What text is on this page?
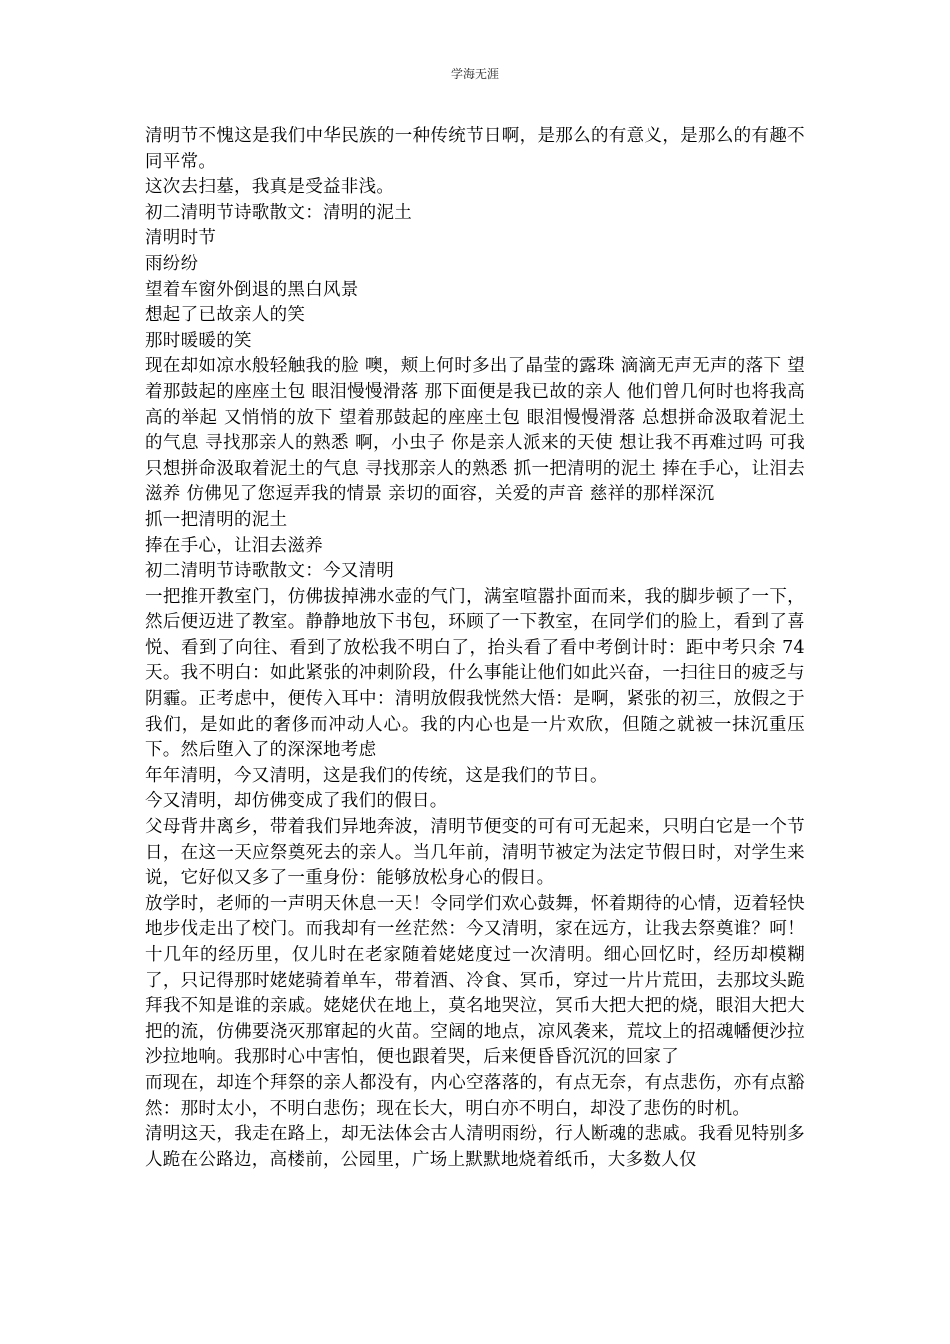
学海无涯

清明节不愧这是我们中华民族的一种传统节日啊，是那么的有意义，是那么的有趣不同平常。

这次去扫墓，我真是受益非浅。

初二清明节诗歌散文：清明的泥土

清明时节

雨纷纷

望着车窗外倒退的黑白风景

想起了已故亲人的笑

那时暖暖的笑

现在却如凉水般轻触我的脸 噢，颊上何时多出了晶莹的露珠 滴滴无声无声的落下 望着那鼓起的座座土包 眼泪慢慢滑落 那下面便是我已故的亲人 他们曾几何时也将我高高的举起 又悄悄的放下 望着那鼓起的座座土包 眼泪慢慢滑落 总想拼命汲取着泥土的气息 寻找那亲人的熟悉 啊，小虫子 你是亲人派来的天使 想让我不再难过吗 可我只想拼命汲取着泥土的气息 寻找那亲人的熟悉 抓一把清明的泥土 捧在手心，让泪去滋养 仿佛见了您逗弄我的情景 亲切的面容，关爱的声音 慈祥的那样深沉

抓一把清明的泥土

捧在手心，让泪去滋养

初二清明节诗歌散文：今又清明

一把推开教室门，仿佛拔掉沸水壶的气门，满室喧嚣扑面而来，我的脚步顿了一下，然后便迈进了教室。静静地放下书包，环顾了一下教室，在同学们的脸上，看到了喜悦、看到了向往、看到了放松我不明白了，抬头看了看中考倒计时：距中考只余 74 天。我不明白：如此紧张的冲刺阶段，什么事能让他们如此兴奋，一扫往日的疲乏与阴霾。正考虑中，便传入耳中：清明放假我恍然大悟：是啊，紧张的初三，放假之于我们，是如此的奢侈而冲动人心。我的内心也是一片欢欣，但随之就被一抹沉重压下。然后堕入了的深深地考虑

年年清明，今又清明，这是我们的传统，这是我们的节日。

今又清明，却仿佛变成了我们的假日。

父母背井离乡，带着我们异地奔波，清明节便变的可有可无起来，只明白它是一个节日，在这一天应祭奠死去的亲人。当几年前，清明节被定为法定节假日时，对学生来说，它好似又多了一重身份：能够放松身心的假日。

放学时，老师的一声明天休息一天！令同学们欢心鼓舞，怀着期待的心情，迈着轻快地步伐走出了校门。而我却有一丝茫然：今又清明，家在远方，让我去祭奠谁？呵！十几年的经历里，仅儿时在老家随着姥姥度过一次清明。细心回忆时，经历却模糊了，只记得那时姥姥骑着单车，带着酒、冷食、冥币，穿过一片片荒田，去那坟头跪拜我不知是谁的亲戚。姥姥伏在地上，莫名地哭泣，冥币大把大把的烧，眼泪大把大把的流，仿佛要浇灭那窜起的火苗。空阔的地点，凉风袭来，荒坟上的招魂幡便沙拉沙拉地响。我那时心中害怕，便也跟着哭，后来便昏昏沉沉的回家了

而现在，却连个拜祭的亲人都没有，内心空落落的，有点无奈，有点悲伤，亦有点豁然：那时太小，不明白悲伤；现在长大，明白亦不明白，却没了悲伤的时机。

清明这天，我走在路上，却无法体会古人清明雨纷，行人断魂的悲戚。我看见特别多人跪在公路边，高楼前，公园里，广场上默默地烧着纸币，大多数人仅
